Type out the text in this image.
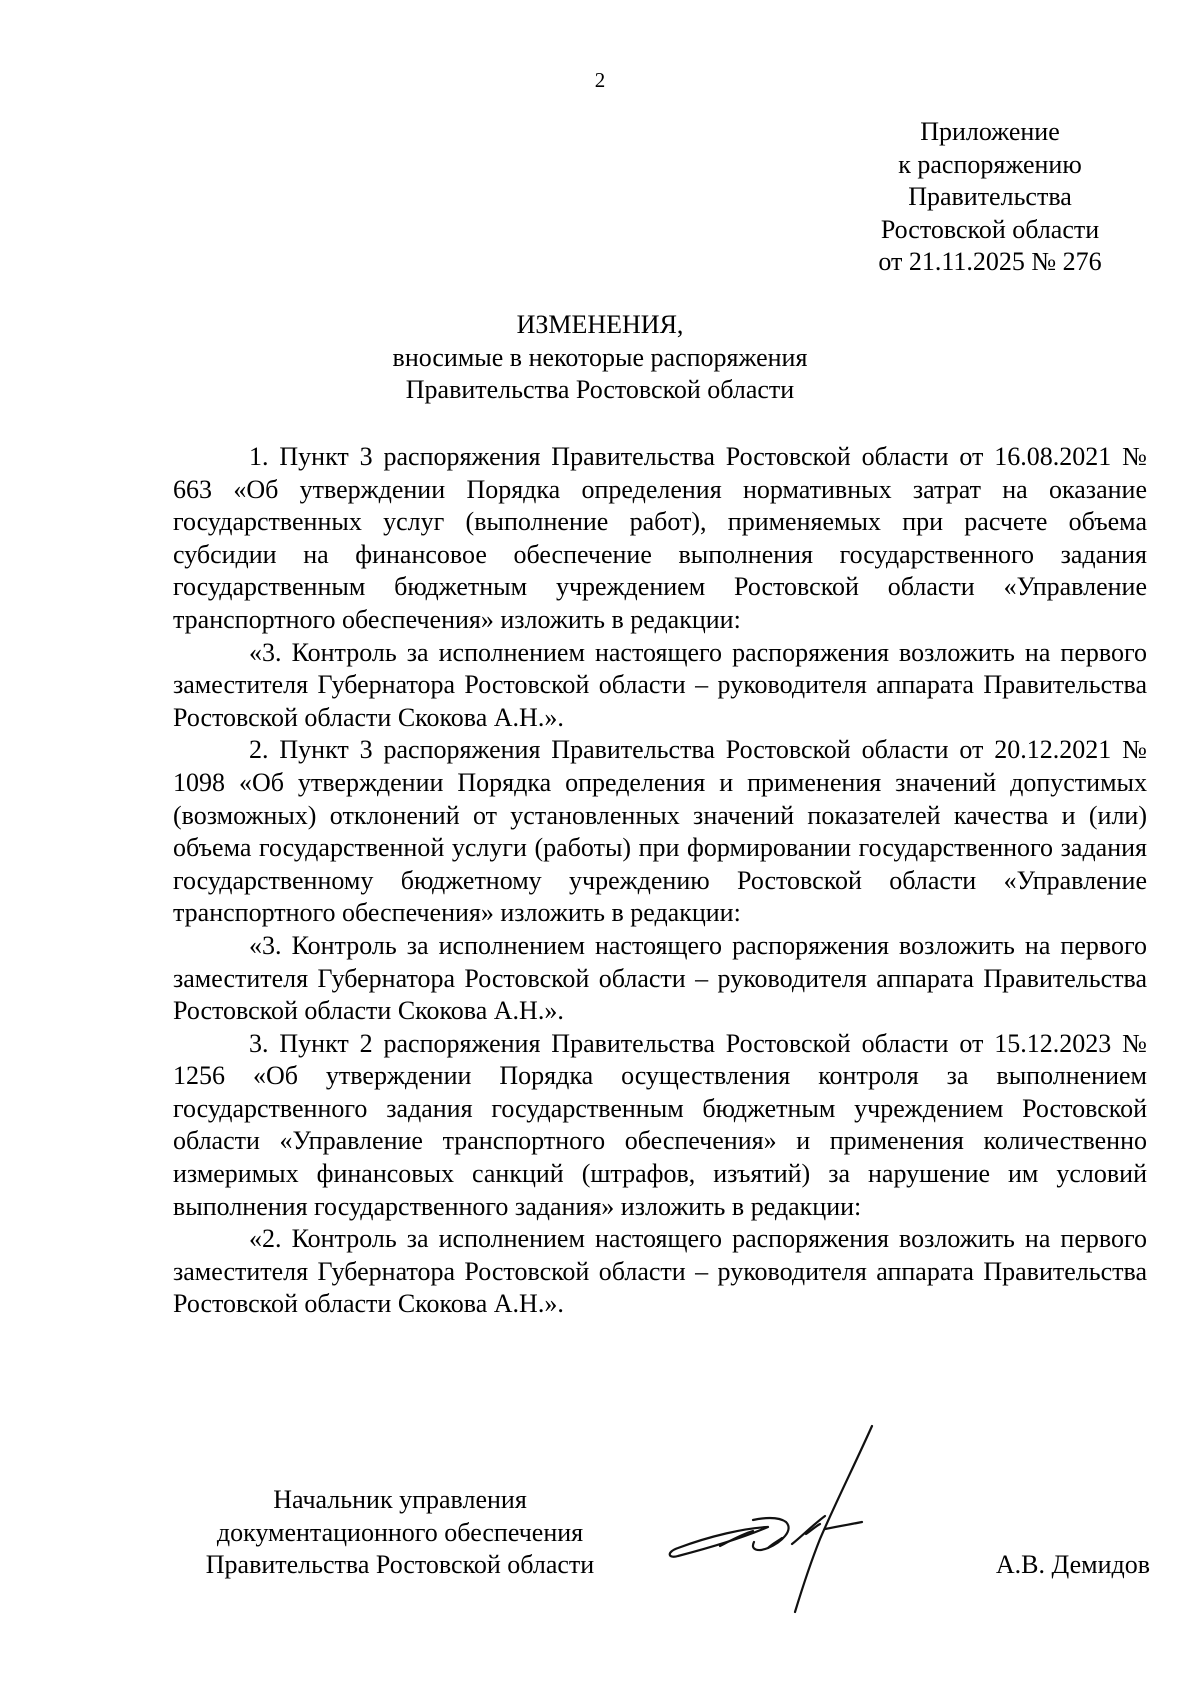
2
Приложение
к распоряжению
Правительства
Ростовской области
от 21.11.2025 № 276
ИЗМЕНЕНИЯ,
вносимые в некоторые распоряжения
Правительства Ростовской области

1. Пункт 3 распоряжения Правительства Ростовской области от 16.08.2021 № 663 «Об утверждении Порядка определения нормативных затрат на оказание государственных услуг (выполнение работ), применяемых при расчете объема субсидии на финансовое обеспечение выполнения государственного задания государственным бюджетным учреждением Ростовской области «Управление транспортного обеспечения» изложить в редакции:

«3. Контроль за исполнением настоящего распоряжения возложить на первого заместителя Губернатора Ростовской области – руководителя аппарата Правительства Ростовской области Скокова А.Н.».

2. Пункт 3 распоряжения Правительства Ростовской области от 20.12.2021 № 1098 «Об утверждении Порядка определения и применения значений допустимых (возможных) отклонений от установленных значений показателей качества и (или) объема государственной услуги (работы) при формировании государственного задания государственному бюджетному учреждению Ростовской области «Управление транспортного обеспечения» изложить в редакции:

«3. Контроль за исполнением настоящего распоряжения возложить на первого заместителя Губернатора Ростовской области – руководителя аппарата Правительства Ростовской области Скокова А.Н.».

3. Пункт 2 распоряжения Правительства Ростовской области от 15.12.2023 № 1256 «Об утверждении Порядка осуществления контроля за выполнением государственного задания государственным бюджетным учреждением Ростовской области «Управление транспортного обеспечения» и применения количественно измеримых финансовых санкций (штрафов, изъятий) за нарушение им условий выполнения государственного задания» изложить в редакции:

«2. Контроль за исполнением настоящего распоряжения возложить на первого заместителя Губернатора Ростовской области – руководителя аппарата Правительства Ростовской области Скокова А.Н.».

Начальник управления
документационного обеспечения
Правительства Ростовской области	А.В. Демидов
